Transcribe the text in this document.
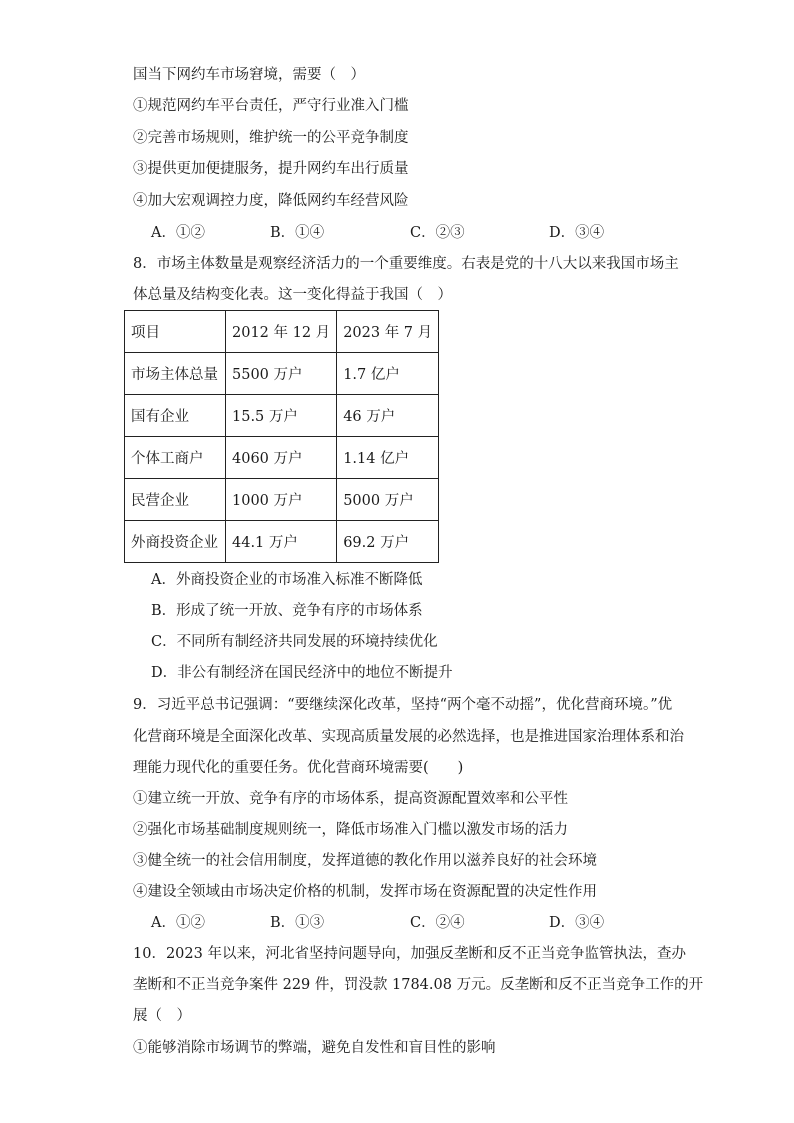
国当下网约车市场窘境，需要（　）
①规范网约车平台责任，严守行业准入门槛
②完善市场规则，维护统一的公平竞争制度
③提供更加便捷服务，提升网约车出行质量
④加大宏观调控力度，降低网约车经营风险
A．①②	B．①④	C．②③	D．③④
8．市场主体数量是观察经济活力的一个重要维度。右表是党的十八大以来我国市场主
体总量及结构变化表。这一变化得益于我国（　）
项目	2012 年 12 月	2023 年 7 月
市场主体总量	5500 万户	1.7 亿户
国有企业	15.5 万户	46 万户
个体工商户	4060 万户	1.14 亿户
民营企业	1000 万户	5000 万户
外商投资企业	44.1 万户	69.2 万户
A．外商投资企业的市场准入标准不断降低
B．形成了统一开放、竞争有序的市场体系
C．不同所有制经济共同发展的环境持续优化
D．非公有制经济在国民经济中的地位不断提升
9．习近平总书记强调：“要继续深化改革，坚持“两个毫不动摇”，优化营商环境。”优
化营商环境是全面深化改革、实现高质量发展的必然选择，也是推进国家治理体系和治
理能力现代化的重要任务。优化营商环境需要(　　)
①建立统一开放、竞争有序的市场体系，提高资源配置效率和公平性
②强化市场基础制度规则统一，降低市场准入门槛以激发市场的活力
③健全统一的社会信用制度，发挥道德的教化作用以滋养良好的社会环境
④建设全领域由市场决定价格的机制，发挥市场在资源配置的决定性作用
A．①②	B．①③	C．②④	D．③④
10．2023 年以来，河北省坚持问题导向，加强反垄断和反不正当竞争监管执法，查办
垄断和不正当竞争案件 229 件，罚没款 1784.08 万元。反垄断和反不正当竞争工作的开
展（　）
①能够消除市场调节的弊端，避免自发性和盲目性的影响
